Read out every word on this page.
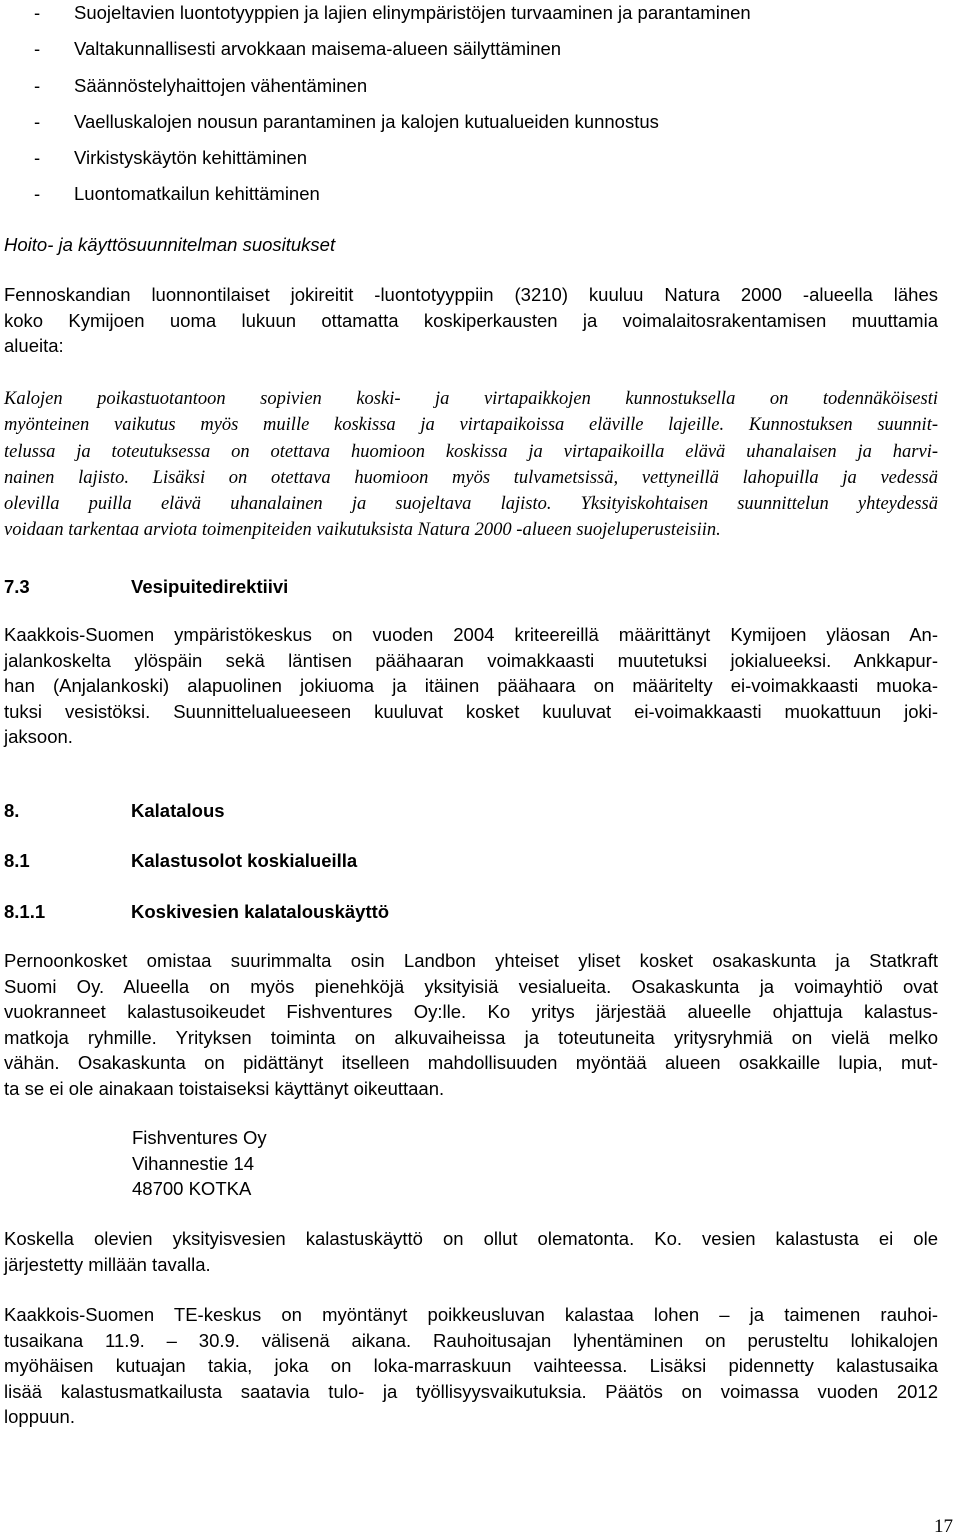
- Suojeltavien luontotyyppien ja lajien elinympäristöjen turvaaminen ja parantaminen
- Valtakunnallisesti arvokkaan maisema-alueen säilyttäminen
- Säännöstelyhaittojen vähentäminen
- Vaelluskalojen nousun parantaminen ja kalojen kutualueiden kunnostus
- Virkistyskäytön kehittäminen
- Luontomatkailun kehittäminen
Hoito- ja käyttösuunnitelman suositukset

Fennoskandian luonnontilaiset jokireitit -luontotyyppiin (3210) kuuluu Natura 2000 -alueella lähes
koko Kymijoen uoma lukuun ottamatta koskiperkausten ja voimalaitosrakentamisen muuttamia
alueita:

Kalojen poikastuotantoon sopivien koski- ja virtapaikkojen kunnostuksella on todennäköisesti
myönteinen vaikutus myös muille koskissa ja virtapaikoissa eläville lajeille. Kunnostuksen suunnit-
telussa ja toteutuksessa on otettava huomioon koskissa ja virtapaikoilla elävä uhanalaisen ja harvi-
nainen lajisto. Lisäksi on otettava huomioon myös tulvametsissä, vettyneillä lahopuilla ja vedessä
olevilla puilla elävä uhanalainen ja suojeltava lajisto. Yksityiskohtaisen suunnittelun yhteydessä
voidaan tarkentaa arviota toimenpiteiden vaikutuksista Natura 2000 -alueen suojeluperusteisiin.

7.3	Vesipuitedirektiivi

Kaakkois-Suomen ympäristökeskus on vuoden 2004 kriteereillä määrittänyt Kymijoen yläosan An-
jalankoskelta ylöspäin sekä läntisen päähaaran voimakkaasti muutetuksi jokialueeksi. Ankkapur-
han (Anjalankoski) alapuolinen jokiuoma ja itäinen päähaara on määritelty ei-voimakkaasti muoka-
tuksi vesistöksi. Suunnittelualueeseen kuuluvat kosket kuuluvat ei-voimakkaasti muokattuun joki-
jaksoon.

8.	Kalatalous
8.1	Kalastusolot koskialueilla
8.1.1	Koskivesien kalatalouskäyttö

Pernoonkosket omistaa suurimmalta osin Landbon yhteiset yliset kosket osakaskunta ja Statkraft
Suomi Oy. Alueella on myös pienehköjä yksityisiä vesialueita. Osakaskunta ja voimayhtiö ovat
vuokranneet kalastusoikeudet Fishventures Oy:lle. Ko yritys järjestää alueelle ohjattuja kalastus-
matkoja ryhmille. Yrityksen toiminta on alkuvaiheissa ja toteutuneita yritysryhmiä on vielä melko
vähän. Osakaskunta on pidättänyt itselleen mahdollisuuden myöntää alueen osakkaille lupia, mut-
ta se ei ole ainakaan toistaiseksi käyttänyt oikeuttaan.

Fishventures Oy
Vihannestie 14
48700 KOTKA

Koskella olevien yksityisvesien kalastuskäyttö on ollut olematonta. Ko. vesien kalastusta ei ole
järjestetty millään tavalla.

Kaakkois-Suomen TE-keskus on myöntänyt poikkeusluvan kalastaa lohen – ja taimenen rauhoi-
tusaikana 11.9. – 30.9. välisenä aikana. Rauhoitusajan lyhentäminen on perusteltu lohikalojen
myöhäisen kutuajan takia, joka on loka-marraskuun vaihteessa. Lisäksi pidennetty kalastusaika
lisää kalastusmatkailusta saatavia tulo- ja työllisyysvaikutuksia. Päätös on voimassa vuoden 2012
loppuun.

17
